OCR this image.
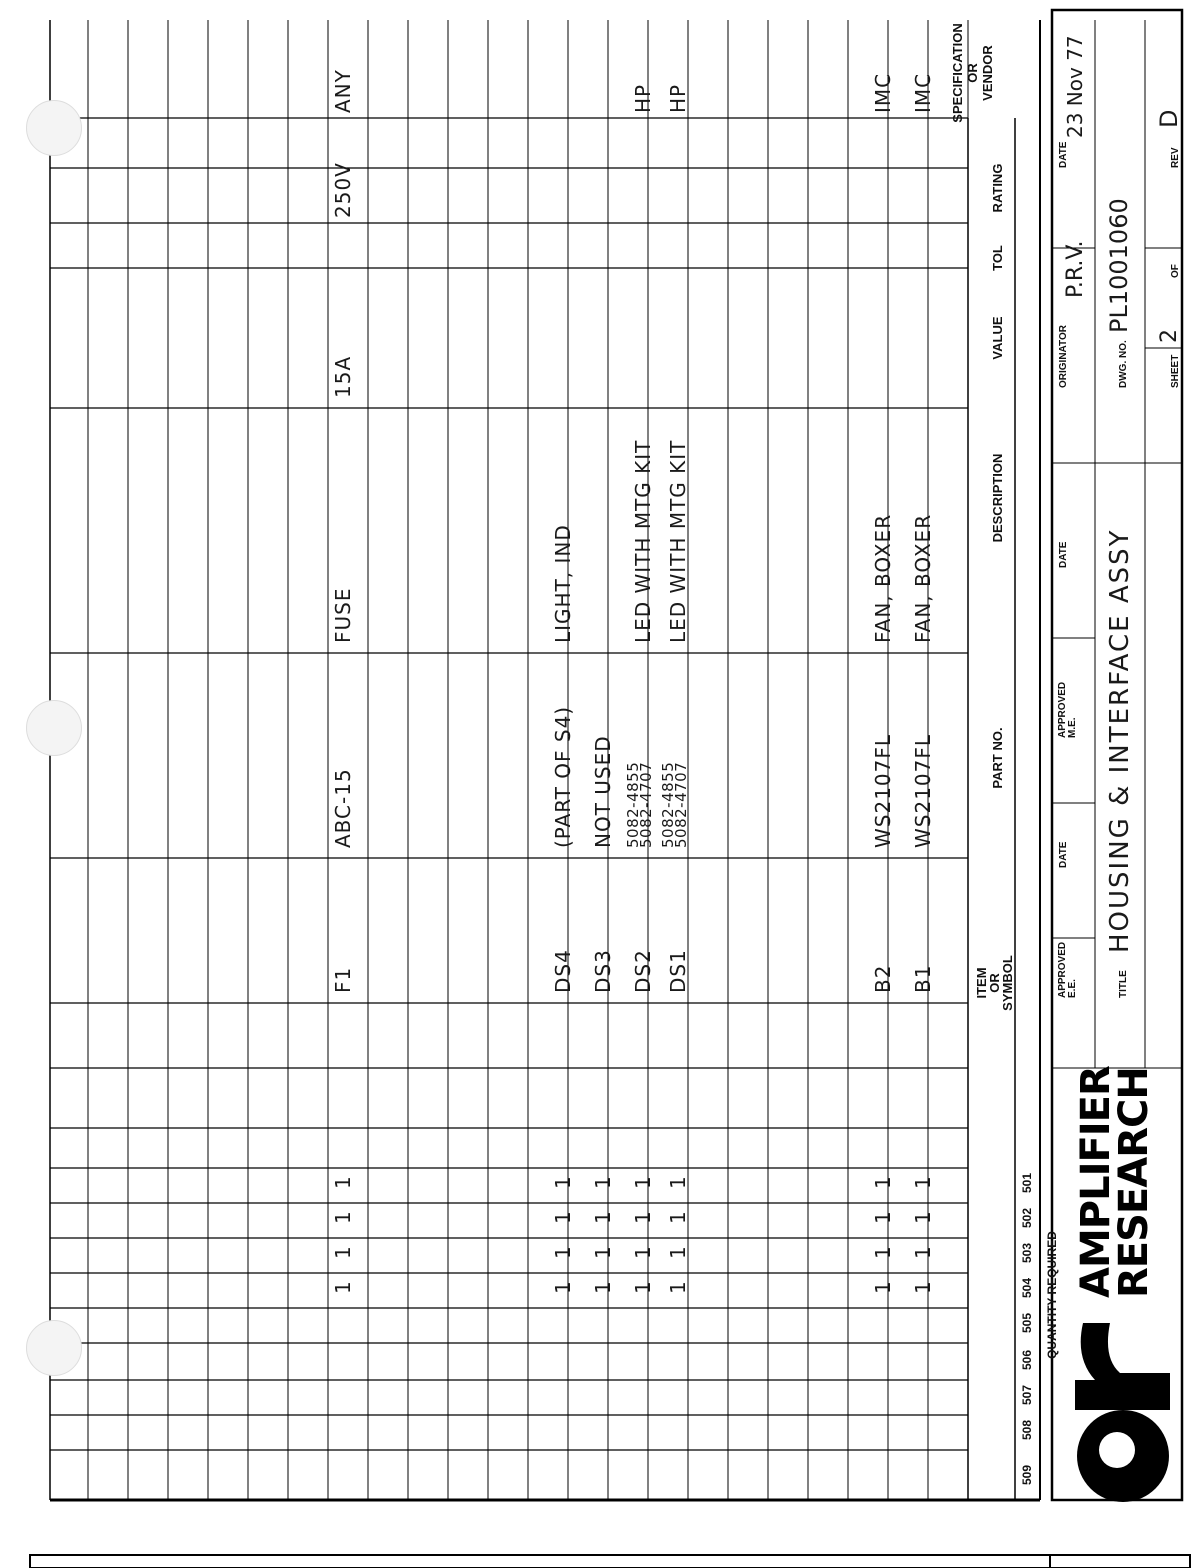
QUANTITY REQUIRED
509
508
507
506
505
504
503
502
501
ITEM
OR
SYMBOL
PART NO.
DESCRIPTION
VALUE
TOL
RATING
SPECIFICATION
OR
VENDOR
1
1
1
1
F1
ABC-15
FUSE
15A
250V
ANY
1
1
1
1
DS4
(PART OF S4)
LIGHT, IND
1
1
1
1
DS3
NOT USED
1
1
1
1
DS2
5082-4855
5082-4707
LED WITH MTG KIT
HP
1
1
1
1
DS1
5082-4855
5082-4707
LED WITH MTG KIT
HP
1
1
1
1
B2
WS2107FL
FAN, BOXER
IMC
1
1
1
1
B1
WS2107FL
FAN, BOXER
IMC
AMPLIFIER
RESEARCH
APPROVED
E.E.
DATE
APPROVED
M.E.
DATE
ORIGINATOR
P.R.V.
DATE
23 Nov 77
TITLE
HOUSING & INTERFACE ASSY
DWG. NO.
PL1001060
SHEET
2
OF
REV
D
